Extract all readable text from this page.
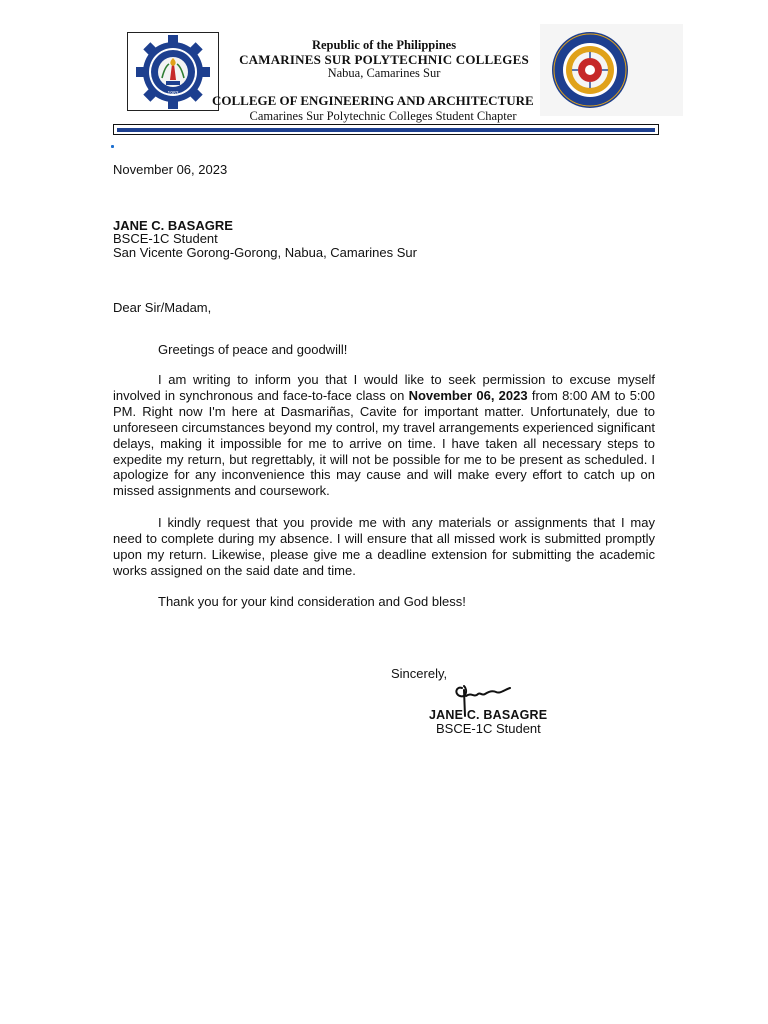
1983
Republic of the Philippines
CAMARINES SUR POLYTECHNIC COLLEGES
Nabua, Camarines Sur
COLLEGE OF ENGINEERING AND ARCHITECTURE
Camarines Sur Polytechnic Colleges Student Chapter
November 06, 2023
JANE C. BASAGRE
BSCE-1C Student
San Vicente Gorong-Gorong, Nabua, Camarines Sur
Dear Sir/Madam,
Greetings of peace and goodwill!
I am writing to inform you that I would like to seek permission to excuse myself involved in synchronous and face-to-face class on November 06, 2023 from 8:00 AM to 5:00 PM. Right now I'm here at Dasmariñas, Cavite for important matter. Unfortunately, due to unforeseen circumstances beyond my control, my travel arrangements experienced significant delays, making it impossible for me to arrive on time. I have taken all necessary steps to expedite my return, but regrettably, it will not be possible for me to be present as scheduled. I apologize for any inconvenience this may cause and will make every effort to catch up on missed assignments and coursework.
I kindly request that you provide me with any materials or assignments that I may need to complete during my absence. I will ensure that all missed work is submitted promptly upon my return. Likewise, please give me a deadline extension for submitting the academic works assigned on the said date and time.
Thank you for your kind consideration and God bless!
Sincerely,
JANE C. BASAGRE
BSCE-1C Student
